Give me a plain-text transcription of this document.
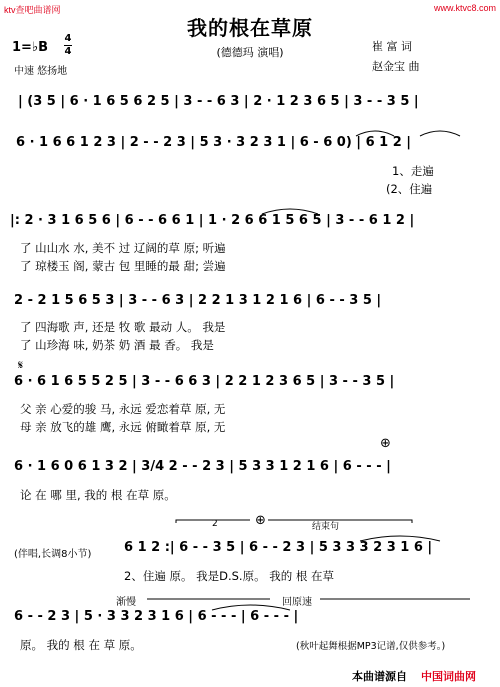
ktv查吧曲谱网	www.ktvc8.com
我的根在草原
(德德玛 演唱)
1=♭B
4
4
中速 悠扬地
崔 富 词
赵金宝 曲
| (3 5 | 6 · 1 6 5 6 2 5 | 3 - - 6 3 | 2 · 1 2 3 6 5 | 3 - - 3 5 |
6 · 1 6 6 1 2 3 | 2 - - 2 3 | 5 3 · 3 2 3 1 | 6 - 6 0) | 6 1 2 |
1、走遍
(2、住遍
|: 2 · 3 1 6 5 6 | 6 - - 6 6 1 | 1 · 2 6 6 1 5 6 5 | 3 - - 6 1 2 |
了 山山水 水, 美不 过 辽阔的草 原; 听遍
了 琼楼玉 阁, 蒙古 包 里睡的最 甜; 尝遍
2 - 2 1 5 6 5 3 | 3 - - 6 3 | 2 2 1 3 1 2 1 6 | 6 - - 3 5 |
了 四海歌 声, 还是 牧 歌 最动 人。 我是
了 山珍海 味, 奶茶 奶 酒 最 香。 我是
𝄋
6 · 6 1 6 5 5 2 5 | 3 - - 6 6 3 | 2 2 1 2 3 6 5 | 3 - - 3 5 |
父 亲 心爱的骏 马, 永远 爱恋着草 原, 无
母 亲 放飞的雄 鹰, 永远 俯瞰着草 原, 无
⊕
6 · 1 6 0 6 1 3 2 | 3/4 2 - - 2 3 | 5 3 3 1 2 1 6 | 6 - - - |
论 在 哪 里, 我的 根 在草 原。
2	⊕	结束句
(伴唱,长调8小节)	6 1 2 :| 6 - - 3 5 | 6 - - 2 3 | 5 3 3 3 2 3 1 6 |
2、住遍 原。 我是D.S.原。 我的 根 在草
渐慢	回原速
6 - - 2 3 | 5 · 3 3 2 3 1 6 | 6 - - - | 6 - - - |
原。 我的 根 在 草 原。	(秋叶起舞根据MP3记谱,仅供参考。)
本曲谱源自 中国词曲网
